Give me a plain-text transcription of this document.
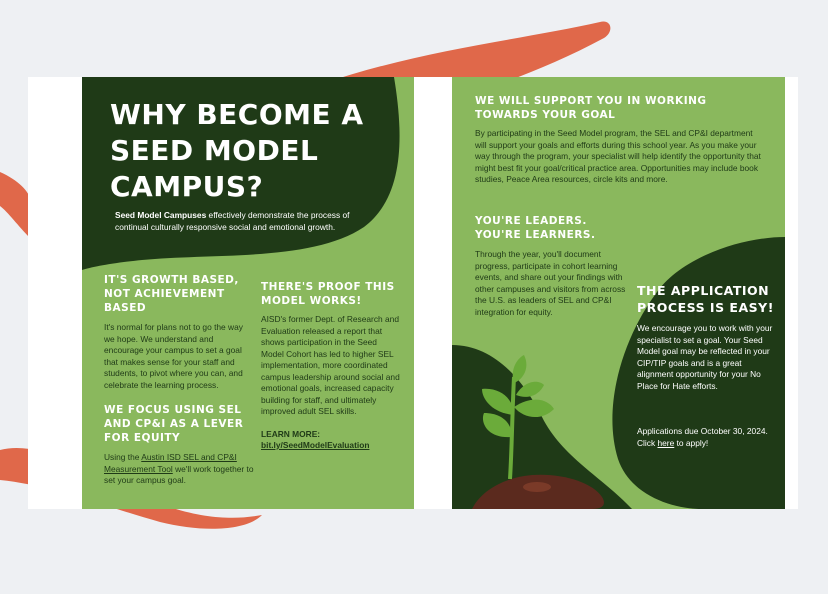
WHY BECOME A SEED MODEL CAMPUS?
Seed Model Campuses effectively demonstrate the process of continual culturally responsive social and emotional growth.
IT'S GROWTH BASED, NOT ACHIEVEMENT BASED
It's normal for plans not to go the way we hope. We understand and encourage your campus to set a goal that makes sense for your staff and students, to pivot where you can, and celebrate the learning process.
WE FOCUS USING SEL AND CP&I AS A LEVER FOR EQUITY
Using the Austin ISD SEL and CP&I Measurement Tool we'll work together to set your campus goal.
THERE'S PROOF THIS MODEL WORKS!
AISD's former Dept. of Research and Evaluation released a report that shows participation in the Seed Model Cohort has led to higher SEL implementation, more coordinated campus leadership around social and emotional goals, increased capacity building for staff, and ultimately improved adult SEL skills.
LEARN MORE:
bit.ly/SeedModelEvaluation
WE WILL SUPPORT YOU IN WORKING TOWARDS YOUR GOAL
By participating in the Seed Model program, the SEL and CP&I department will support your goals and efforts during this school year. As you make your way through the program, your specialist will help identify the opportunity that might best fit your goal/critical practice area. Opportunities may include book studies, Peace Area resources, circle kits and more.
YOU'RE LEADERS.
YOU'RE LEARNERS.
Through the year, you'll document progress, participate in cohort learning events, and share out your findings with other campuses and visitors from across the U.S. as leaders of SEL and CP&I integration for equity.
THE APPLICATION PROCESS IS EASY!
We encourage you to work with your specialist to set a goal. Your Seed Model goal may be reflected in your CIP/TIP goals and is a great alignment opportunity for your No Place for Hate efforts.
Applications due October 30, 2024. Click here to apply!
